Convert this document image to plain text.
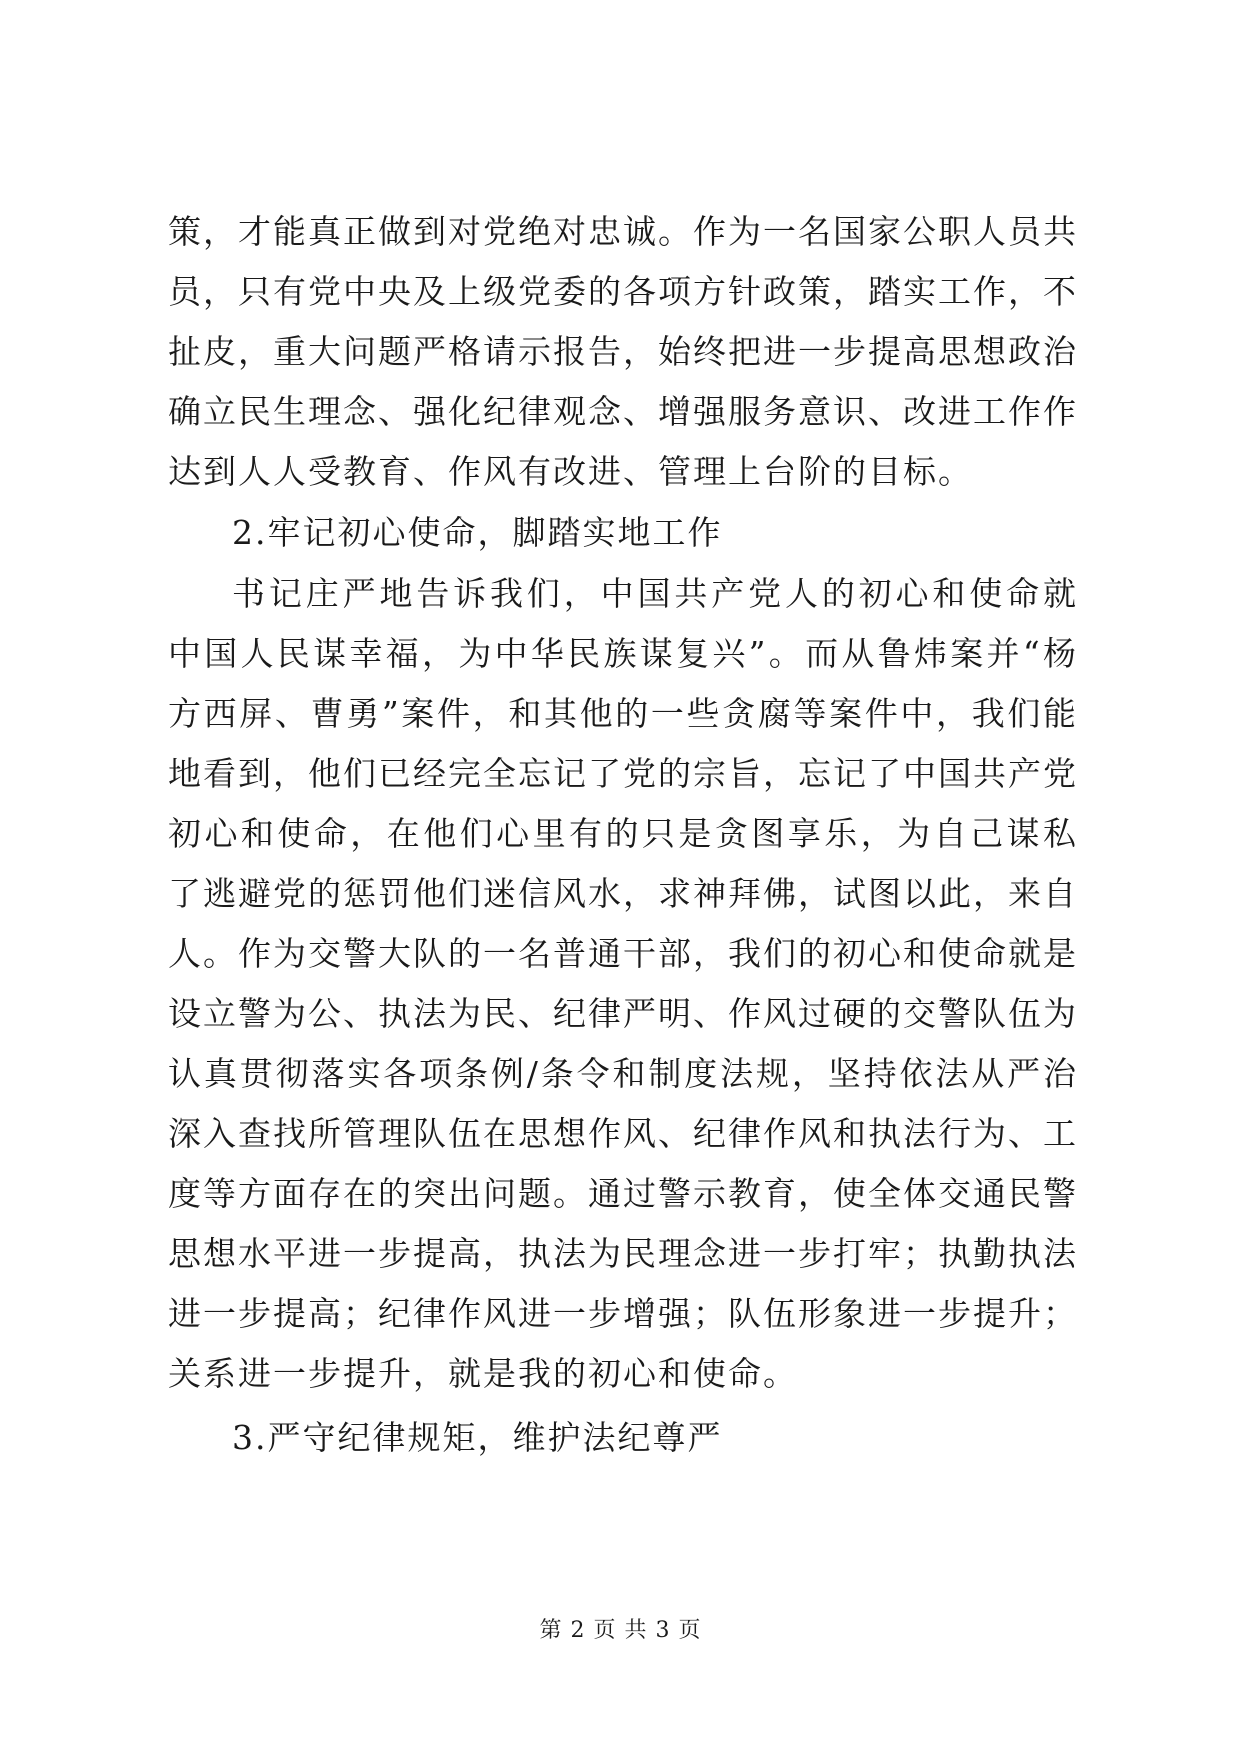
策，才能真正做到对党绝对忠诚。作为一名国家公职人员共
员，只有党中央及上级党委的各项方针政策，踏实工作，不
扯皮，重大问题严格请示报告，始终把进一步提高思想政治
确立民生理念、强化纪律观念、增强服务意识、改进工作作
达到人人受教育、作风有改进、管理上台阶的目标。
2.牢记初心使命，脚踏实地工作
书记庄严地告诉我们，中国共产党人的初心和使命就
中国人民谋幸福，为中华民族谋复兴”。而从鲁炜案并“杨
方西屏、曹勇”案件，和其他的一些贪腐等案件中，我们能
地看到，他们已经完全忘记了党的宗旨，忘记了中国共产党
初心和使命，在他们心里有的只是贪图享乐，为自己谋私
了逃避党的惩罚他们迷信风水，求神拜佛，试图以此，来自
人。作为交警大队的一名普通干部，我们的初心和使命就是
设立警为公、执法为民、纪律严明、作风过硬的交警队伍为
认真贯彻落实各项条例/条令和制度法规，坚持依法从严治
深入查找所管理队伍在思想作风、纪律作风和执法行为、工
度等方面存在的突出问题。通过警示教育，使全体交通民警
思想水平进一步提高，执法为民理念进一步打牢；执勤执法
进一步提高；纪律作风进一步增强；队伍形象进一步提升；
关系进一步提升，就是我的初心和使命。
3.严守纪律规矩，维护法纪尊严
第 2 页 共 3 页
